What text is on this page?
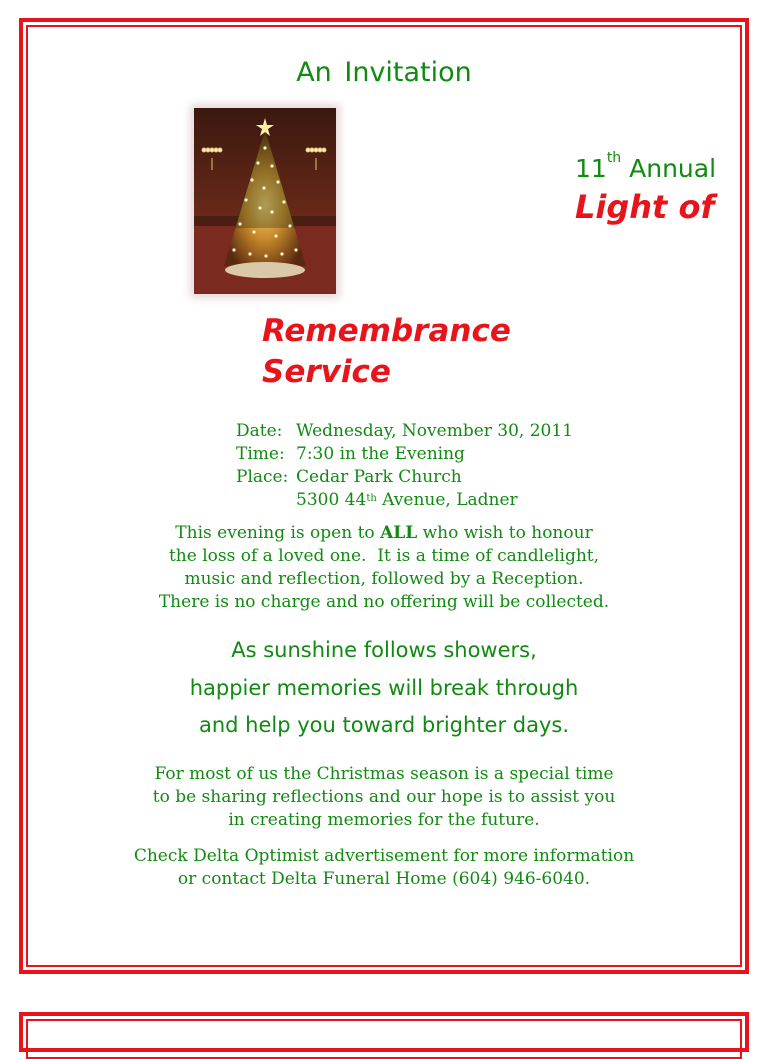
An Invitation
11th Annual
Light of
Remembrance
Service
Date: Wednesday, November 30, 2011
Time: 7:30 in the Evening
Place: Cedar Park Church
5300 44th Avenue, Ladner
This evening is open to ALL who wish to honour
the loss of a loved one.  It is a time of candlelight,
music and reflection, followed by a Reception.
There is no charge and no offering will be collected.
As sunshine follows showers,
happier memories will break through
and help you toward brighter days.
For most of us the Christmas season is a special time
to be sharing reflections and our hope is to assist you
in creating memories for the future.
Check Delta Optimist advertisement for more information
or contact Delta Funeral Home (604) 946-6040.
